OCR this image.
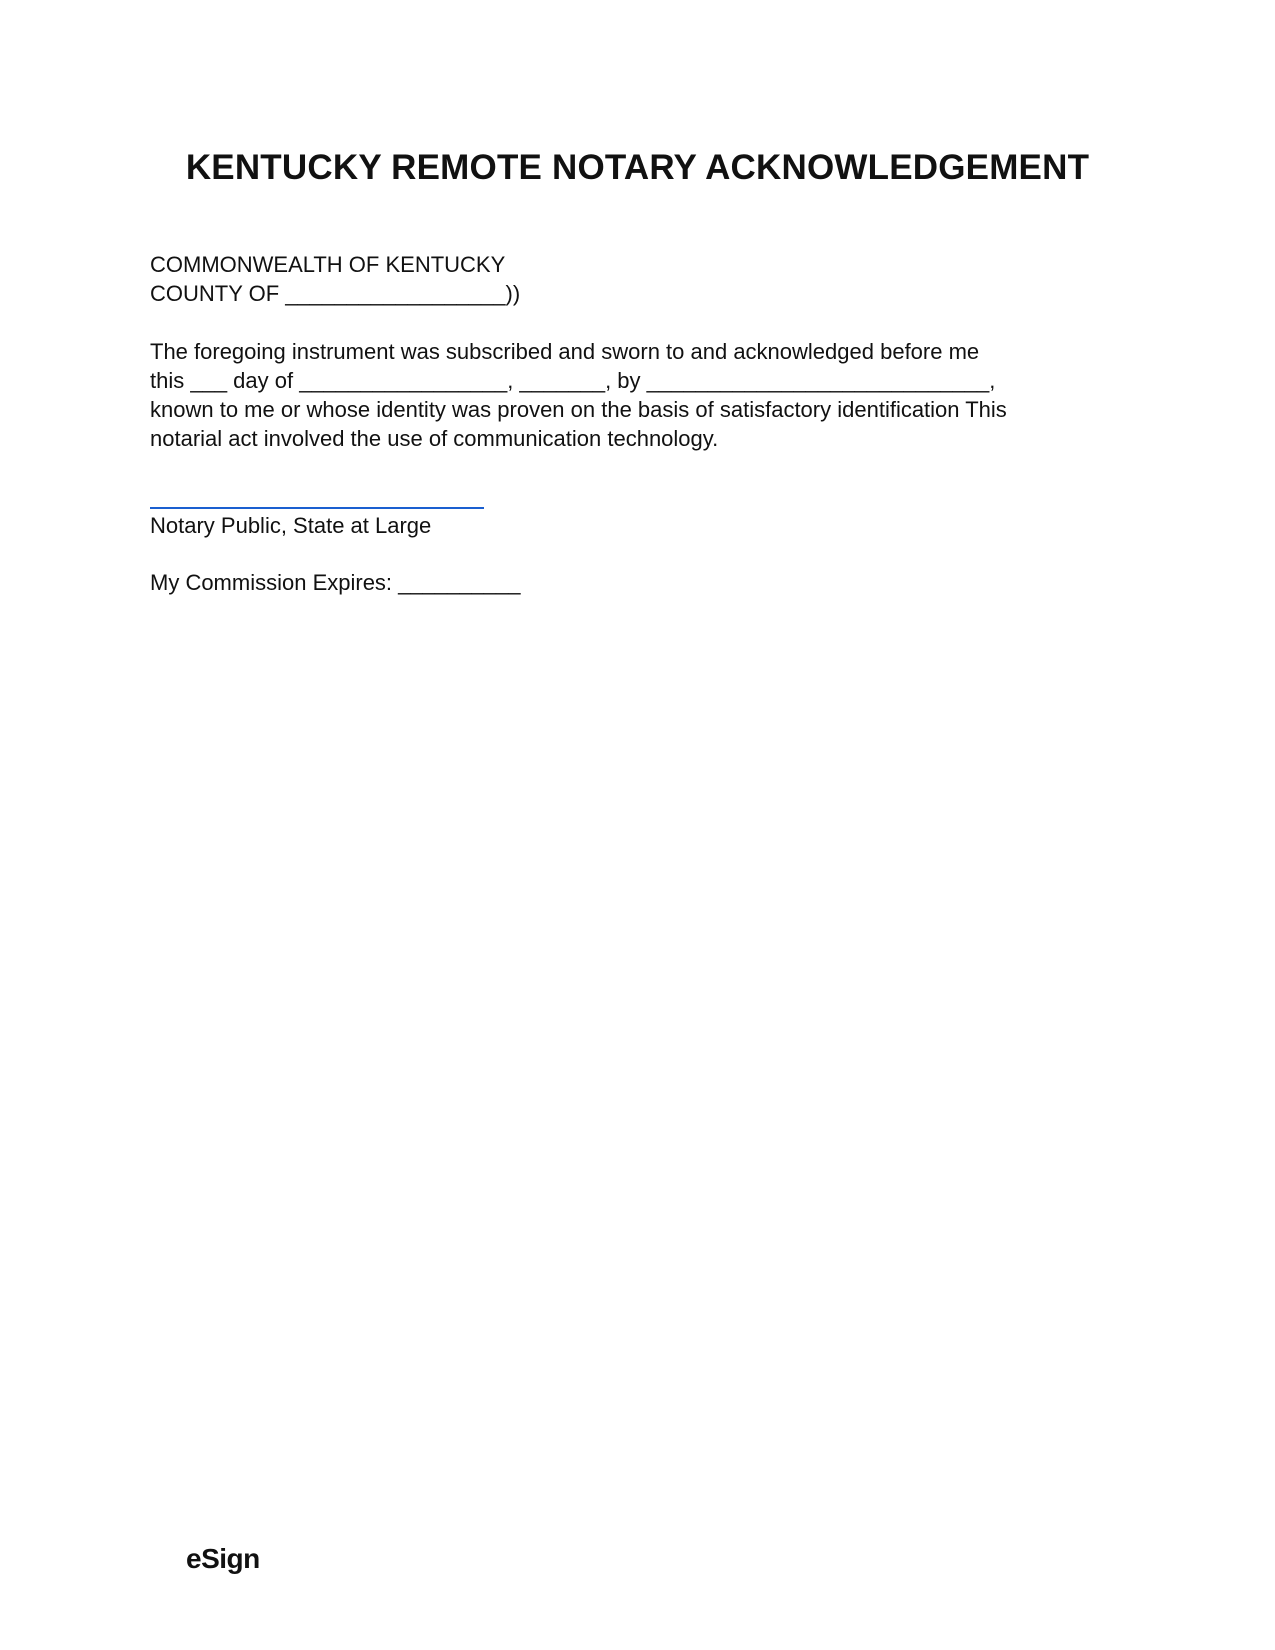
KENTUCKY REMOTE NOTARY ACKNOWLEDGEMENT
COMMONWEALTH OF KENTUCKY
COUNTY OF __________________))
The foregoing instrument was subscribed and sworn to and acknowledged before me
this ___ day of _________________, _______, by ____________________________,
known to me or whose identity was proven on the basis of satisfactory identification This
notarial act involved the use of communication technology.
Notary Public, State at Large
My Commission Expires: __________
eSign
